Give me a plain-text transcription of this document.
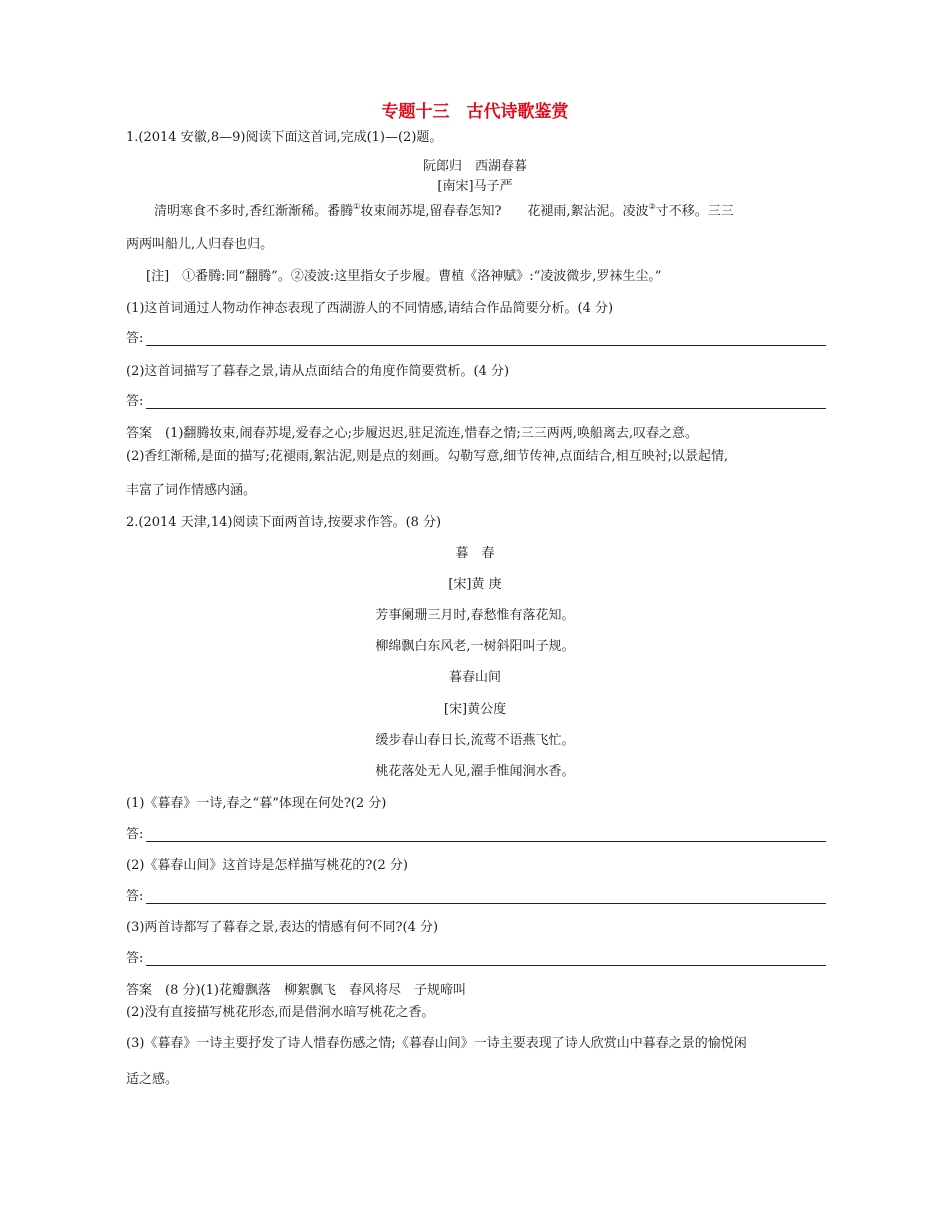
专题十三　古代诗歌鉴赏
1.(2014 安徽,8—9)阅读下面这首词,完成(1)—(2)题。
阮郎归　西湖春暮
[南宋]马子严
清明寒食不多时,香红渐渐稀。番腾①妆束闹苏堤,留春春怎知?　　花褪雨,絮沾泥。凌波②寸不移。三三
两两叫船儿,人归春也归。
[注]　①番腾:同“翻腾”。②凌波:这里指女子步履。曹植《洛神赋》:“凌波微步,罗袜生尘。”
(1)这首词通过人物动作神态表现了西湖游人的不同情感,请结合作品简要分析。(4 分)
答:
(2)这首词描写了暮春之景,请从点面结合的角度作简要赏析。(4 分)
答:
答案　(1)翻腾妆束,闹春苏堤,爱春之心;步履迟迟,驻足流连,惜春之情;三三两两,唤船离去,叹春之意。
(2)香红渐稀,是面的描写;花褪雨,絮沾泥,则是点的刻画。勾勒写意,细节传神,点面结合,相互映衬;以景起情,
丰富了词作情感内涵。
2.(2014 天津,14)阅读下面两首诗,按要求作答。(8 分)
暮　春
[宋]黄 庚
芳事阑珊三月时,春愁惟有落花知。
柳绵飘白东风老,一树斜阳叫子规。
暮春山间
[宋]黄公度
缓步春山春日长,流莺不语燕飞忙。
桃花落处无人见,濯手惟闻涧水香。
(1)《暮春》一诗,春之“暮”体现在何处?(2 分)
答:
(2)《暮春山间》这首诗是怎样描写桃花的?(2 分)
答:
(3)两首诗都写了暮春之景,表达的情感有何不同?(4 分)
答:
答案　(8 分)(1)花瓣飘落　柳絮飘飞　春风将尽　子规啼叫
(2)没有直接描写桃花形态,而是借涧水暗写桃花之香。
(3)《暮春》一诗主要抒发了诗人惜春伤感之情;《暮春山间》一诗主要表现了诗人欣赏山中暮春之景的愉悦闲
适之感。
